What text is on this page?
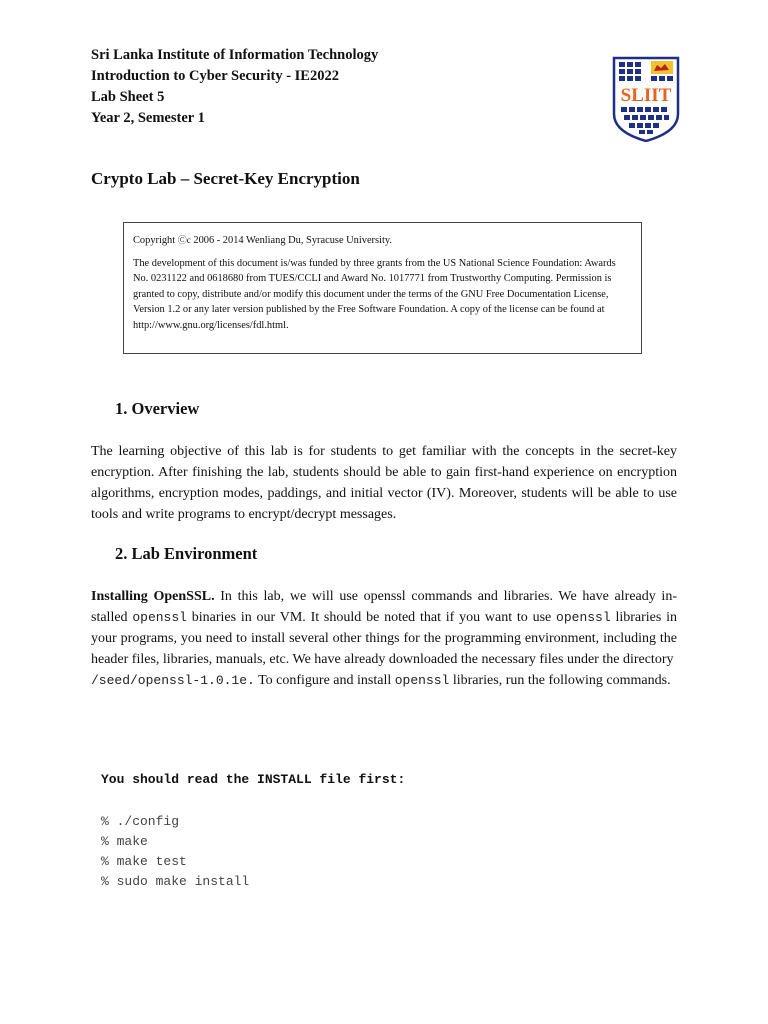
Sri Lanka Institute of Information Technology
Introduction to Cyber Security - IE2022
Lab Sheet 5
Year 2, Semester 1
SLIIT
Crypto Lab – Secret-Key Encryption

Copyright Ⓒc 2006 - 2014 Wenliang Du, Syracuse University.

The development of this document is/was funded by three grants from the US National Science Foundation: Awards No. 0231122 and 0618680 from TUES/CCLI and Award No. 1017771 from Trustworthy Computing. Permission is granted to copy, distribute and/or modify this document under the terms of the GNU Free Documentation License, Version 1.2 or any later version published by the Free Software Foundation. A copy of the license can be found at http://www.gnu.org/licenses/fdl.html.

1. Overview

The learning objective of this lab is for students to get familiar with the concepts in the secret-key encryption. After finishing the lab, students should be able to gain first-hand experience on encryption algorithms, encryption modes, paddings, and initial vector (IV). Moreover, students will be able to use tools and write programs to encrypt/decrypt messages.

2. Lab Environment

Installing OpenSSL. In this lab, we will use openssl commands and libraries. We have already in- stalled openssl binaries in our VM. It should be noted that if you want to use openssl libraries in your programs, you need to install several other things for the programming environment, including the header files, libraries, manuals, etc. We have already downloaded the necessary files under the directory

/seed/openssl-1.0.1e. To configure and install openssl libraries, run the following commands.

You should read the INSTALL file first:
% ./config
% make
% make test
% sudo make install
